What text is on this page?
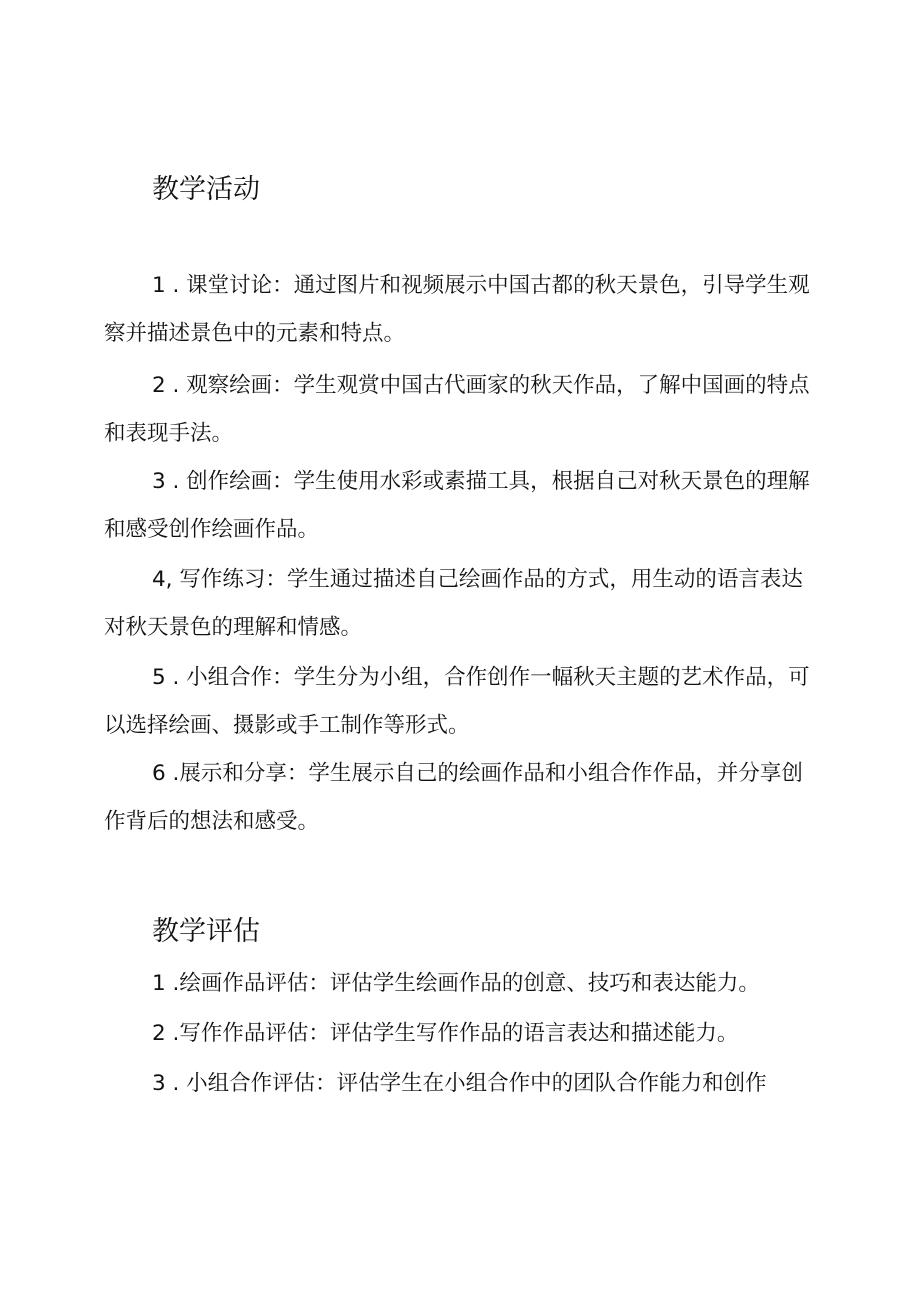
教学活动

1 . 课堂讨论：通过图片和视频展示中国古都的秋天景色，引导学生观察并描述景色中的元素和特点。

2 . 观察绘画：学生观赏中国古代画家的秋天作品，了解中国画的特点和表现手法。

3 . 创作绘画：学生使用水彩或素描工具，根据自己对秋天景色的理解和感受创作绘画作品。

4, 写作练习：学生通过描述自己绘画作品的方式，用生动的语言表达对秋天景色的理解和情感。

5 . 小组合作：学生分为小组，合作创作一幅秋天主题的艺术作品，可以选择绘画、摄影或手工制作等形式。

6 .展示和分享：学生展示自己的绘画作品和小组合作作品，并分享创作背后的想法和感受。

教学评估

1 .绘画作品评估：评估学生绘画作品的创意、技巧和表达能力。

2 .写作作品评估：评估学生写作作品的语言表达和描述能力。

3 . 小组合作评估：评估学生在小组合作中的团队合作能力和创作
